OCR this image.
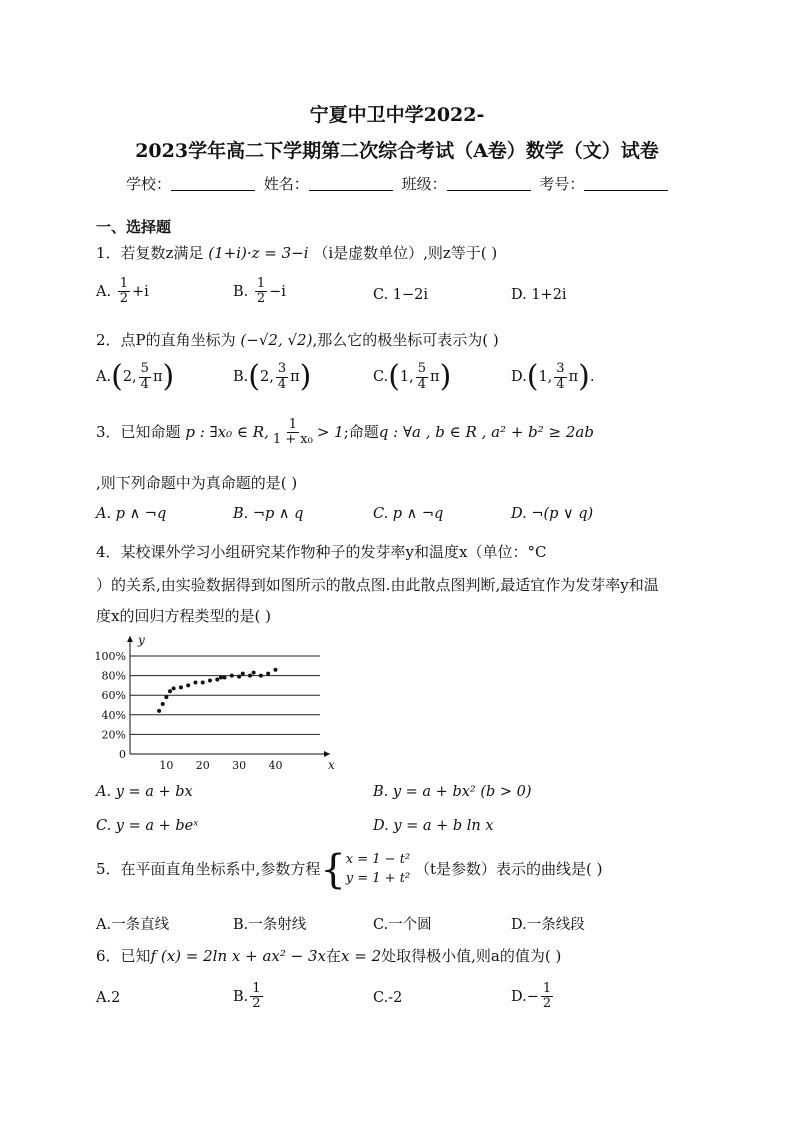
宁夏中卫中学2022-
2023学年高二下学期第二次综合考试（A卷）数学（文）试卷
学校：	姓名：	班级：	考号：
一、选择题
1．若复数z满足 (1+i)·z = 3−i （i是虚数单位）,则z等于( )
A. $\frac{1}{2} +i$	B. $\frac{1}{2} -i$	C. 1−2i	D. 1+2i
2．点P的直角坐标为 (−√2, √2),那么它的极坐标可表示为( )
A.(2, $\frac{5}{4} \pi$)	B.(2, $\frac{3}{4} \pi$)	C.(1, $\frac{5}{4} \pi$)	D.(1, $\frac{3}{4} \pi$).
3．已知命题 p : ∃x₀ ∈ R, $\frac{1}{\text{1 + x₀}} > 1$;命题q : ∀a , b ∈ R , a² + b² ≥ 2ab
,则下列命题中为真命题的是( )
A. p ∧ ¬q	B. ¬p ∧ q	C. p ∧ ¬q	D. ¬(p ∨ q)
4．某校课外学习小组研究某作物种子的发芽率y和温度x（单位：°C
）的关系,由实验数据得到如图所示的散点图.由此散点图判断,最适宜作为发芽率y和温
度x的回归方程类型的是( )
0
20%
40%
60%
80%
100%
10 20 30 40	x
y
A. y = a + bx	B. y = a + bx² (b > 0)
C. y = a + beˣ	D. y = a + b ln x
5．在平面直角坐标系中,参数方程{ x = 1 − t²
y = 1 + t²
（t是参数）表示的曲线是( )
A.一条直线	B.一条射线	C.一个圆	D.一条线段
6．已知f (x) = 2ln x + ax² − 3x在x = 2处取得极小值,则a的值为( )
A.2	B. $\frac{1}{2}$	C.-2	$D.- \frac{1}{2}$
